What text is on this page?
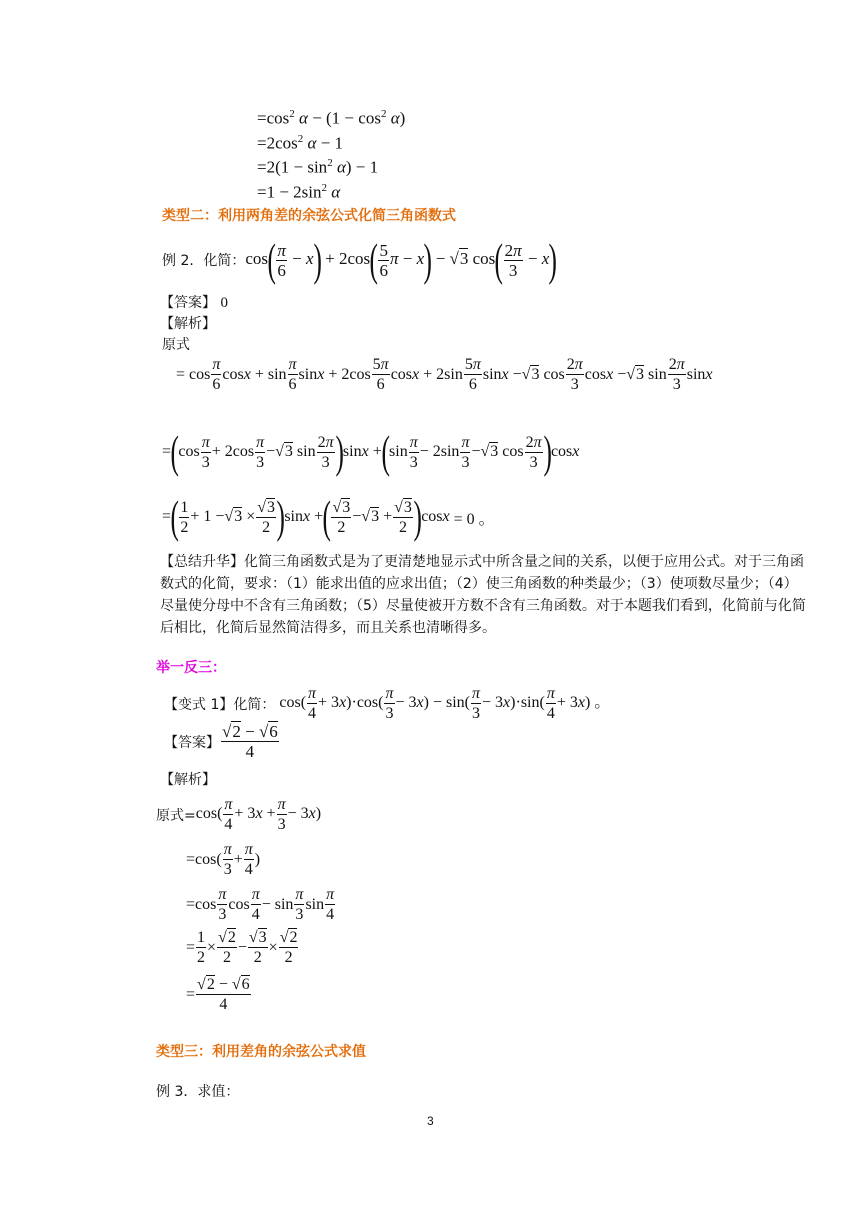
$=\cos^2$ $\alpha - (1 - \cos^2 \alpha)$
$=2\cos^2$ α − 1
$=2(1 - \sin^2 \alpha) - 1$
$=1 - 2\sin^2$ α
类型二：利用两角差的余弦公式化简三角函数式
例 2．化简： $\cos( \frac{\pi}{6} - x) + 2\cos( \frac{5}{6}$ π − x) − √3 $\cos( \frac{2\pi}{3} - x)$
【答案】 0
【解析】
原式
= $\cos \frac{\pi}{6}$ $\cos x + \sin \frac{\pi}{6}$ $\sin x + 2\cos \frac{5\pi}{6}$ $\cos x + 2\sin \frac{5\pi}{6}$ sin x − √3 $\cos \frac{2\pi}{3}$ cos x − √3 $\sin \frac{2\pi}{3}$ sin x
= ( $\cos \frac{\pi}{3} + 2\cos \frac{\pi}{3} - √3$ $\sin \frac{2\pi}{3}$ ) sin x + ( $\sin \frac{\pi}{3} - 2\sin \frac{\pi}{3} - √3$ $\cos \frac{2\pi}{3}$ ) cos x
= ( $\frac{1}{2} + 1 - √3 \times \frac{√3}{2}$ ) sin x + ( $\frac{√3}{2} - √3 + \frac{√3}{2}$ ) cos x = 0 。
【总结升华】化简三角函数式是为了更清楚地显示式中所含量之间的关系，以便于应用公式。对于三角函数式的化简，要求：（1）能求出值的应求出值；（2）使三角函数的种类最少；（3）使项数尽量少；（4）尽量使分母中不含有三角函数；（5）尽量使被开方数不含有三角函数。对于本题我们看到，化简前与化简后相比，化简后显然简洁得多，而且关系也清晰得多。
举一反三：
【变式 1】化简： $\cos( \frac{\pi}{4} + 3x)\cdot\cos( \frac{\pi}{3} - 3x) - \sin( \frac{\pi}{3} - 3x)\cdot\sin( \frac{\pi}{4} + 3x)$ 。
【答案】 $\frac{√2 - √6}{4}$
【解析】
原式= $\cos( \frac{\pi}{4} + 3x + \frac{\pi}{3} - 3x)$
$=\cos( \frac{\pi}{3} + \frac{\pi}{4}$ )
$=\cos \frac{\pi}{3}$ $\cos \frac{\pi}{4} - \sin \frac{\pi}{3}$ $\sin \frac{\pi}{4}$
= $\frac{1}{2} \times \frac{√2}{2} - \frac{√3}{2} \times \frac{√2}{2}$
= $\frac{√2 - √6}{4}$
类型三：利用差角的余弦公式求值
例 3．求值：
3
